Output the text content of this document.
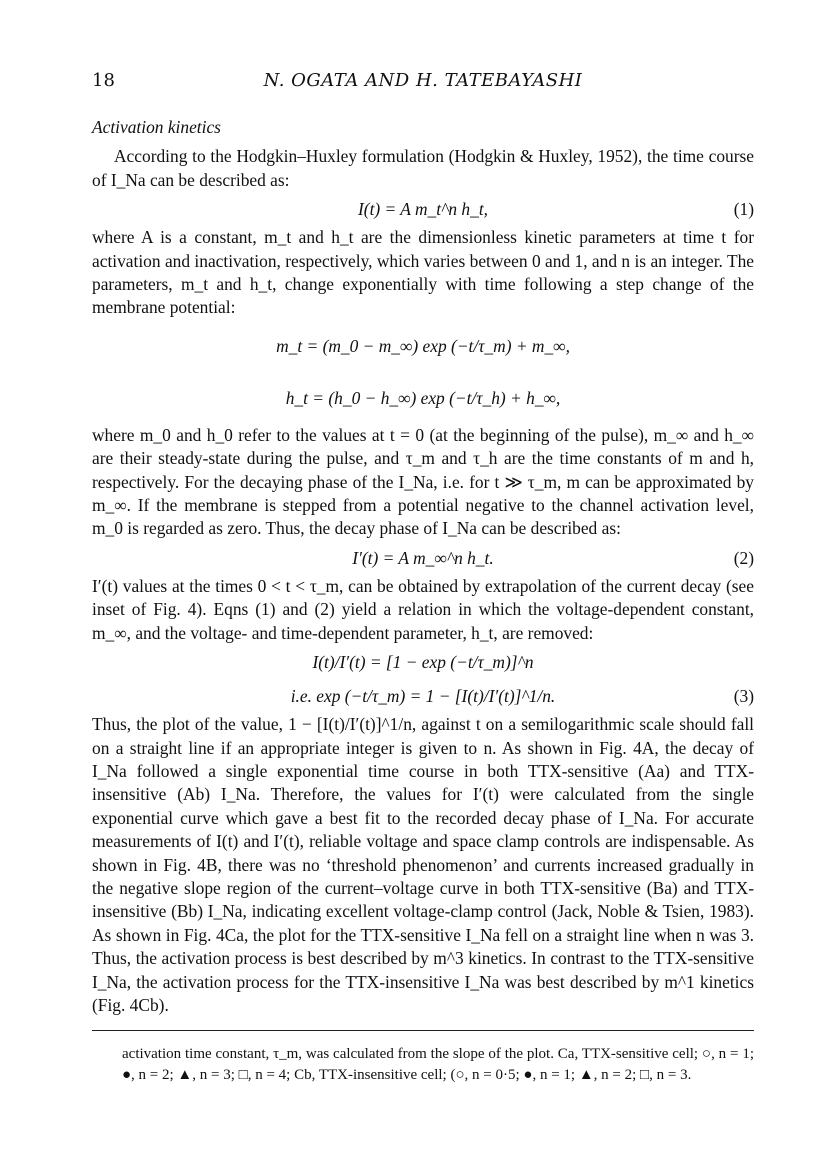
18	N. OGATA AND H. TATEBAYASHI
Activation kinetics

According to the Hodgkin–Huxley formulation (Hodgkin & Huxley, 1952), the time course of I_Na can be described as:

I(t) = A m_t^n h_t,	(1)

where A is a constant, m_t and h_t are the dimensionless kinetic parameters at time t for activation and inactivation, respectively, which varies between 0 and 1, and n is an integer. The parameters, m_t and h_t, change exponentially with time following a step change of the membrane potential:

m_t = (m_0 − m_∞) exp (−t/τ_m) + m_∞,
h_t = (h_0 − h_∞) exp (−t/τ_h) + h_∞,

where m_0 and h_0 refer to the values at t = 0 (at the beginning of the pulse), m_∞ and h_∞ are their steady-state during the pulse, and τ_m and τ_h are the time constants of m and h, respectively. For the decaying phase of the I_Na, i.e. for t ≫ τ_m, m can be approximated by m_∞. If the membrane is stepped from a potential negative to the channel activation level, m_0 is regarded as zero. Thus, the decay phase of I_Na can be described as:

I′(t) = A m_∞^n h_t.	(2)

I′(t) values at the times 0 < t < τ_m, can be obtained by extrapolation of the current decay (see inset of Fig. 4). Eqns (1) and (2) yield a relation in which the voltage-dependent constant, m_∞, and the voltage- and time-dependent parameter, h_t, are removed:

I(t)/I′(t) = [1 − exp (−t/τ_m)]^n
i.e. exp (−t/τ_m) = 1 − [I(t)/I′(t)]^1/n.	(3)

Thus, the plot of the value, 1 − [I(t)/I′(t)]^1/n, against t on a semilogarithmic scale should fall on a straight line if an appropriate integer is given to n. As shown in Fig. 4A, the decay of I_Na followed a single exponential time course in both TTX-sensitive (Aa) and TTX-insensitive (Ab) I_Na. Therefore, the values for I′(t) were calculated from the single exponential curve which gave a best fit to the recorded decay phase of I_Na. For accurate measurements of I(t) and I′(t), reliable voltage and space clamp controls are indispensable. As shown in Fig. 4B, there was no ‘threshold phenomenon’ and currents increased gradually in the negative slope region of the current–voltage curve in both TTX-sensitive (Ba) and TTX-insensitive (Bb) I_Na, indicating excellent voltage-clamp control (Jack, Noble & Tsien, 1983). As shown in Fig. 4Ca, the plot for the TTX-sensitive I_Na fell on a straight line when n was 3. Thus, the activation process is best described by m^3 kinetics. In contrast to the TTX-sensitive I_Na, the activation process for the TTX-insensitive I_Na was best described by m^1 kinetics (Fig. 4Cb).

activation time constant, τ_m, was calculated from the slope of the plot. Ca, TTX-sensitive cell; ○, n = 1; ●, n = 2; ▲, n = 3; □, n = 4; Cb, TTX-insensitive cell; (○, n = 0·5; ●, n = 1; ▲, n = 2; □, n = 3.
